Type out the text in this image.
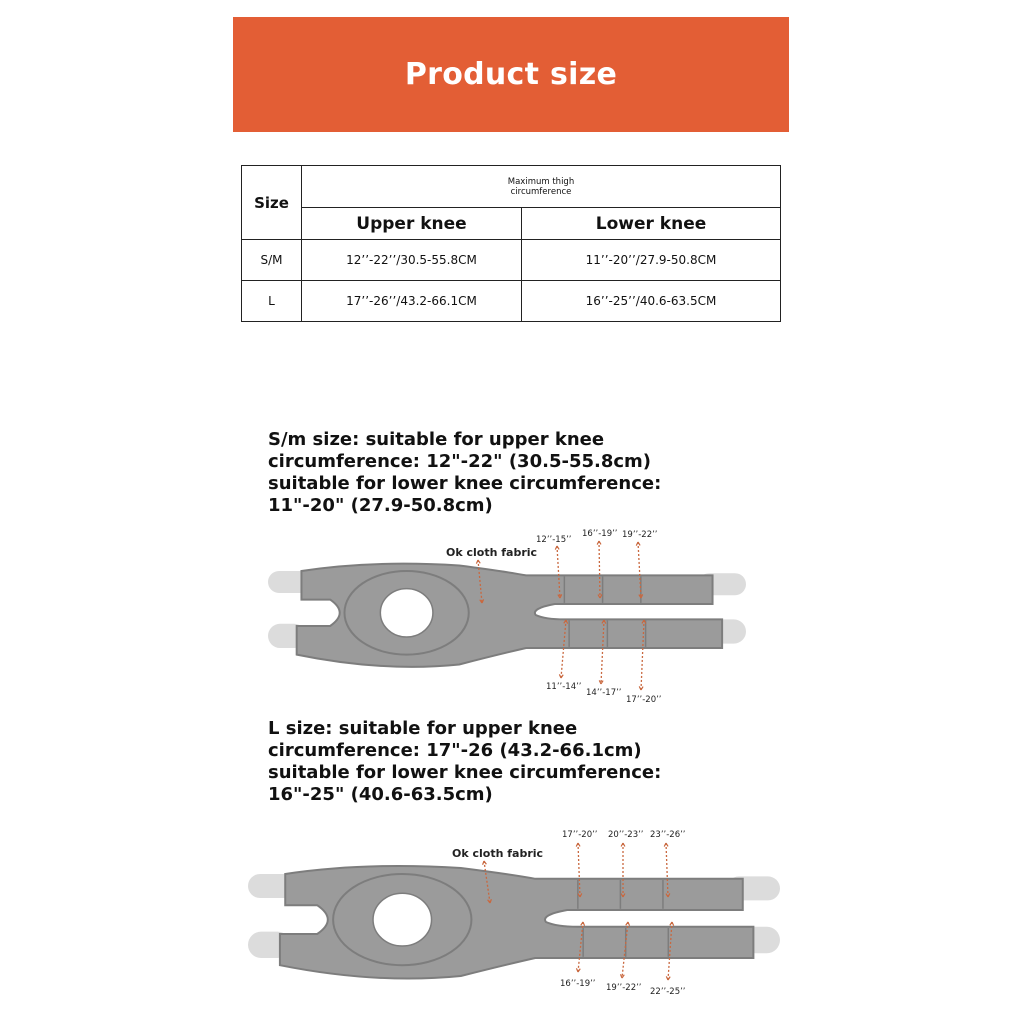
Product size
Size	Maximum thigh circumference	
	Upper knee	Lower knee
S/M	12’’-22’’/30.5-55.8CM	11’’-20’’/27.9-50.8CM
L	17’’-26’’/43.2-66.1CM	16’’-25’’/40.6-63.5CM

S/m size: suitable for upper knee
circumference: 12"-22" (30.5-55.8cm)
suitable for lower knee circumference:
11"-20" (27.9-50.8cm)

L size: suitable for upper knee
circumference: 17"-26 (43.2-66.1cm)
suitable for lower knee circumference:
16"-25" (40.6-63.5cm)

Ok cloth fabric
12’’-15’’
16’’-19’’ 19’’-22’’
11’’-14’’
14’’-17’’
17’’-20’’
Ok cloth fabric
17’’-20’’ 20’’-23’’ 23’’-26’’
16’’-19’’ 19’’-22’’ 22’’-25’’
